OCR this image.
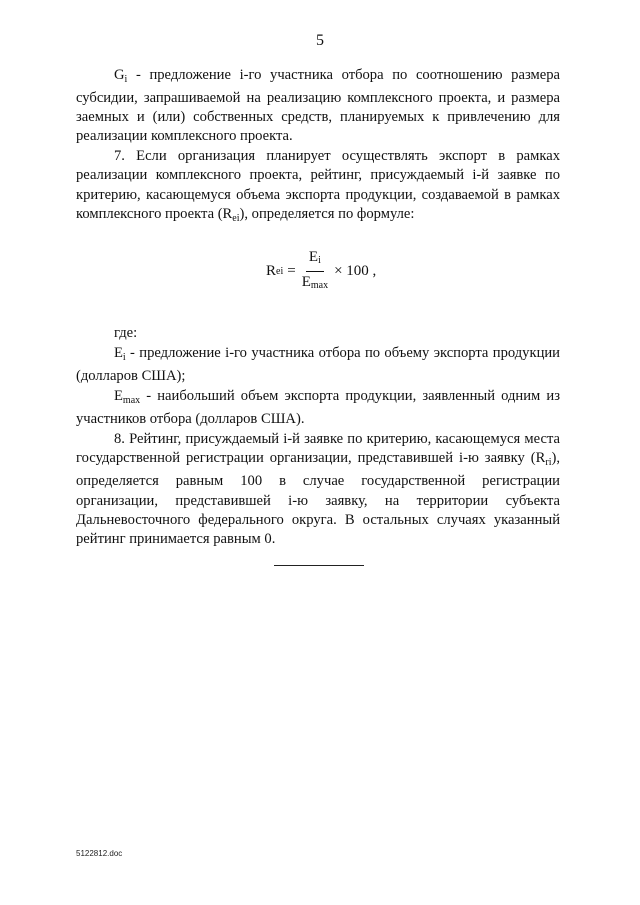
5

$G_i$ - предложение i-го участника отбора по соотношению размера субсидии, запрашиваемой на реализацию комплексного проекта, и размера заемных и (или) собственных средств, планируемых к привлечению для реализации комплексного проекта.

7. Если организация планирует осуществлять экспорт в рамках реализации комплексного проекта, рейтинг, присуждаемый i-й заявке по критерию, касающемуся объема экспорта продукции, создаваемой в рамках комплексного проекта $(R_{ei})$, определяется по формуле:

R ei = $\frac{Ei}{Emax} \times 100$ ,

где:

$E_i$ - предложение i-го участника отбора по объему экспорта продукции (долларов США);

$E_{max}$ - наибольший объем экспорта продукции, заявленный одним из участников отбора (долларов США).

8. Рейтинг, присуждаемый i-й заявке по критерию, касающемуся места государственной регистрации организации, представившей i-ю заявку $(R_{ri})$, определяется равным 100 в случае государственной регистрации организации, представившей i-ю заявку, на территории субъекта Дальневосточного федерального округа. В остальных случаях указанный рейтинг принимается равным 0.

5122812.doc
